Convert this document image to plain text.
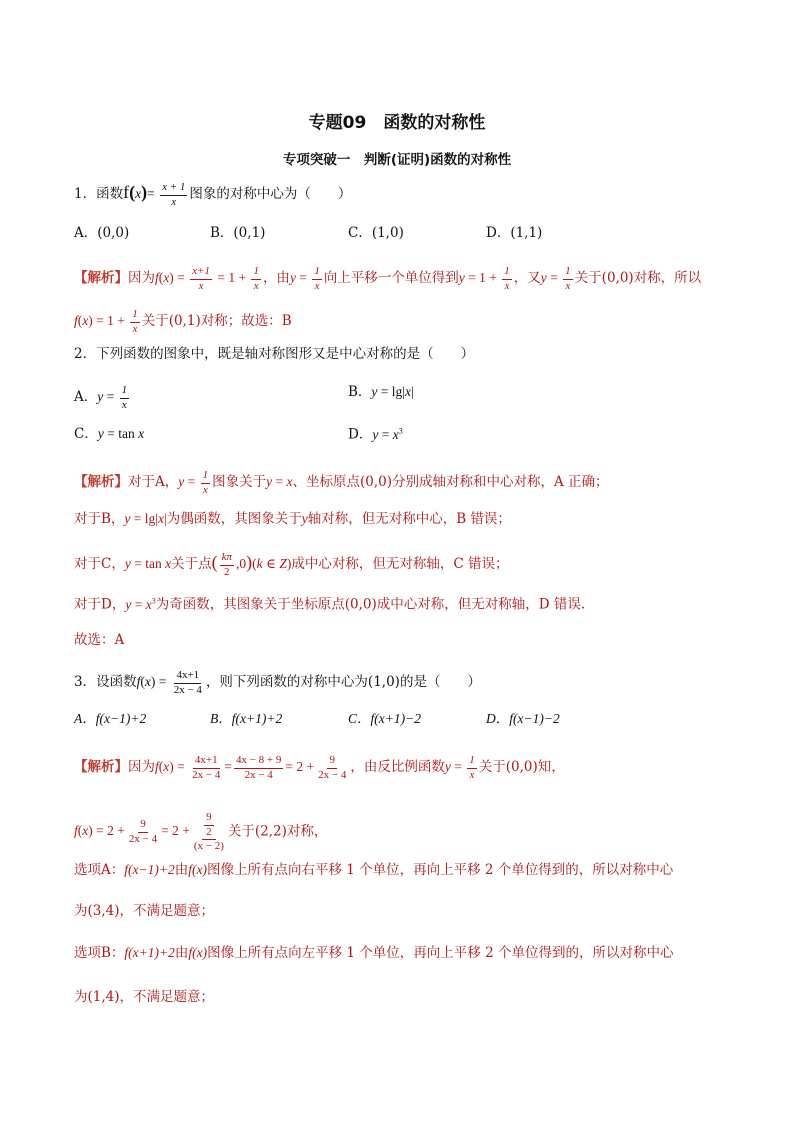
专题09　函数的对称性
专项突破一　判断(证明)函数的对称性
1．函数$f(x)= \frac{x + 1}{x}$ 图象的对称中心为（　　）
A．(0,0)	B．(0,1)	C．(1,0)	D．(1,1)
【解析】因为$f(x) = \frac{x+1}{x} = 1 + \frac{1}{x}$ ，由$y = \frac{1}{x}$ 向上平移一个单位得到$y = 1 + \frac{1}{x}$ ，又$y = \frac{1}{x}$ 关于(0,0)对称，所以
$f(x) = 1 + \frac{1}{x}$ 关于(0,1)对称；故选：B
2．下列函数的图象中，既是轴对称图形又是中心对称的是（　　）
A．$y = \frac{1}{x}$	B．y = lg|x|
C．y = tan x	D．$y = x^3$
【解析】对于A，$y = \frac{1}{x}$ 图象关于y = x、坐标原点(0,0)分别成轴对称和中心对称，A 正确；
对于B，y = lg|x|为偶函数，其图象关于y轴对称，但无对称中心，B 错误；
对于C，y = tan x关于点( $\frac{k\pi}{2} ,0)(k$ ∈ Z)成中心对称，但无对称轴，C 错误；
对于D，$y = x^3$为奇函数，其图象关于坐标原点(0,0)成中心对称，但无对称轴，D 错误.
故选：A
3．设函数$f(x) = \frac{4x+1}{2x - 4}$ ，则下列函数的对称中心为(1,0)的是（　　）
A．f(x−1)+2	B．f(x+1)+2	C．f(x+1)−2	D．f(x−1)−2
【解析】因为$f(x) = \frac{4x+1}{2x - 4} = \frac{4x - 8 + 9}{2x - 4} = 2 + \frac{9}{2x - 4}$ ，由反比例函数$y = \frac{1}{x}$ 关于(0,0)知，
$f(x) = 2 + \frac{9}{2x - 4} = 2 + \frac{\frac{9}{2}}{(x - 2)}$ 关于(2,2)对称，
选项A：f(x−1)+2由f(x)图像上所有点向右平移 1 个单位，再向上平移 2 个单位得到的，所以对称中心
为(3,4)，不满足题意；
选项B：f(x+1)+2由f(x)图像上所有点向左平移 1 个单位，再向上平移 2 个单位得到的，所以对称中心
为(1,4)，不满足题意；
